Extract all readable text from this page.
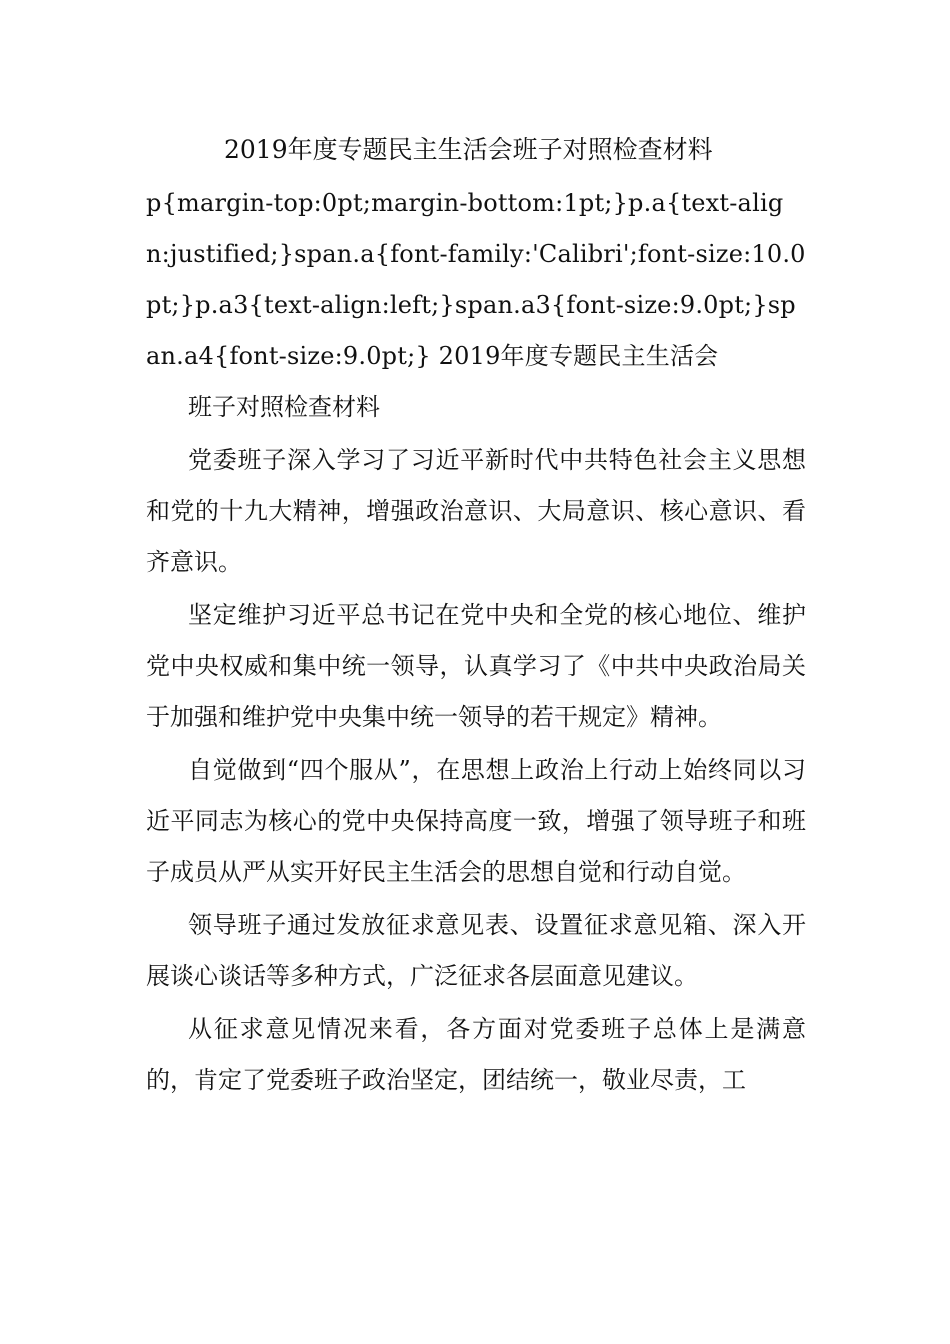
2019年度专题民主生活会班子对照检查材料

p{margin-top:0pt;margin-bottom:1pt;}p.a{text-align:justified;}span.a{font-family:'Calibri';font-size:10.0pt;}p.a3{text-align:left;}span.a3{font-size:9.0pt;}span.a4{font-size:9.0pt;} 2019年度专题民主生活会

班子对照检查材料

党委班子深入学习了习近平新时代中共特色社会主义思想和党的十九大精神，增强政治意识、大局意识、核心意识、看齐意识。

坚定维护习近平总书记在党中央和全党的核心地位、维护党中央权威和集中统一领导，认真学习了《中共中央政治局关于加强和维护党中央集中统一领导的若干规定》精神。

自觉做到“四个服从”，在思想上政治上行动上始终同以习近平同志为核心的党中央保持高度一致，增强了领导班子和班子成员从严从实开好民主生活会的思想自觉和行动自觉。

领导班子通过发放征求意见表、设置征求意见箱、深入开展谈心谈话等多种方式，广泛征求各层面意见建议。

从征求意见情况来看，各方面对党委班子总体上是满意的，肯定了党委班子政治坚定，团结统一，敬业尽责，工
